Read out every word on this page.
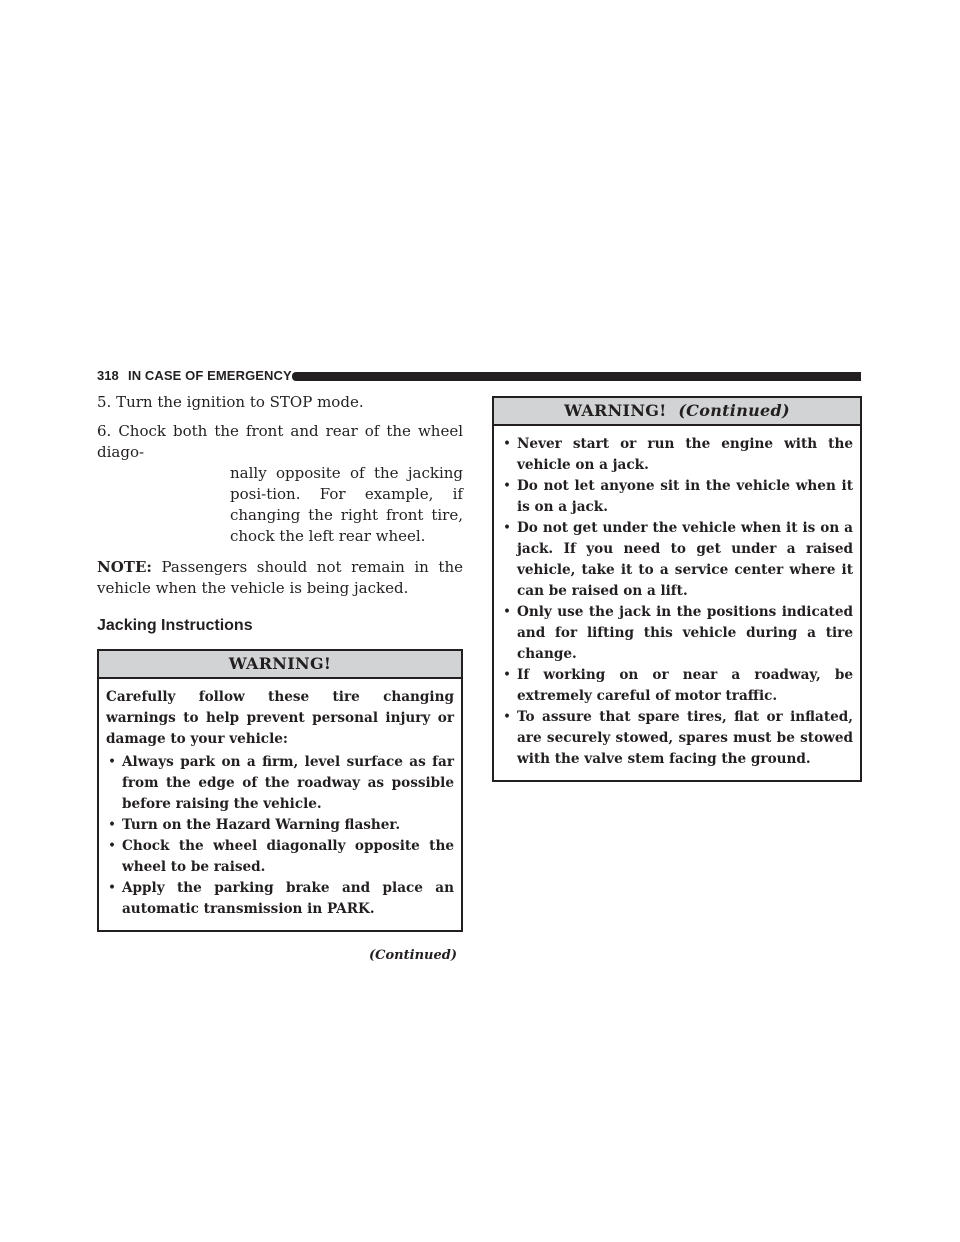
318 IN CASE OF EMERGENCY

5. Turn the ignition to STOP mode.

6. Chock both the front and rear of the wheel diago-
nally opposite of the jacking posi-tion. For example, if changing the right front tire, chock the left rear wheel.

NOTE: Passengers should not remain in the vehicle when the vehicle is being jacked.

Jacking Instructions
WARNING!
Carefully follow these tire changing warnings to help prevent personal injury or damage to your vehicle:
• Always park on a firm, level surface as far from the edge of the roadway as possible before raising the vehicle.
• Turn on the Hazard Warning flasher.
• Chock the wheel diagonally opposite the wheel to be raised.
• Apply the parking brake and place an automatic transmission in PARK.
(Continued)
WARNING! (Continued)
• Never start or run the engine with the vehicle on a jack.
• Do not let anyone sit in the vehicle when it is on a jack.
• Do not get under the vehicle when it is on a jack. If you need to get under a raised vehicle, take it to a service center where it can be raised on a lift.
• Only use the jack in the positions indicated and for lifting this vehicle during a tire change.
• If working on or near a roadway, be extremely careful of motor traffic.
• To assure that spare tires, flat or inflated, are securely stowed, spares must be stowed with the valve stem facing the ground.
